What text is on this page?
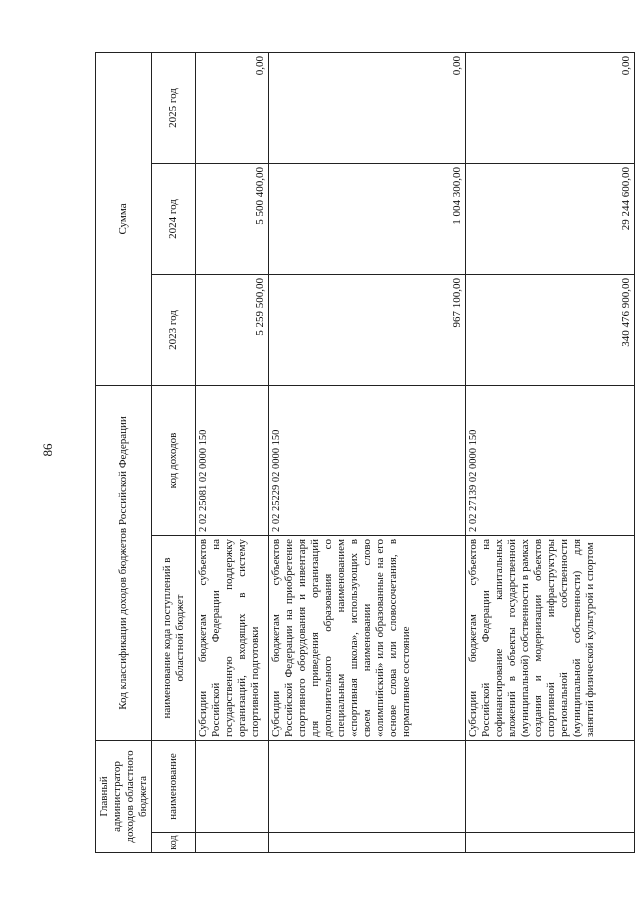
86
Главный администратор доходов областного бюджета		Код классификации доходов бюджетов Российской Федерации		Сумма		
код	наименование	наименование кода поступлений в областной бюджет	код доходов	2023 год	2024 год	2025 год
		Субсидии бюджетам субъектов Российской Федерации на государственную поддержку организаций, входящих в систему спортивной подготовки	2 02 25081 02 0000 150	5 259 500,00	5 500 400,00	0,00
		Субсидии бюджетам субъектов Российской Федерации на приобретение спортивного оборудования и инвентаря для приведения организаций дополнительного образования со специальным наименованием «спортивная школа», использующих в своем наименовании слово «олимпийский» или образованные на его основе слова или словосочетания, в нормативное состояние	2 02 25229 02 0000 150	967 100,00	1 004 300,00	0,00
		Субсидии бюджетам субъектов Российской Федерации на софинансирование капитальных вложений в объекты государственной (муниципальной) собственности в рамках создания и модернизации объектов спортивной инфраструктуры региональной собственности (муниципальной собственности) для занятий физической культурой и спортом	2 02 27139 02 0000 150	340 476 900,00	29 244 600,00	0,00
